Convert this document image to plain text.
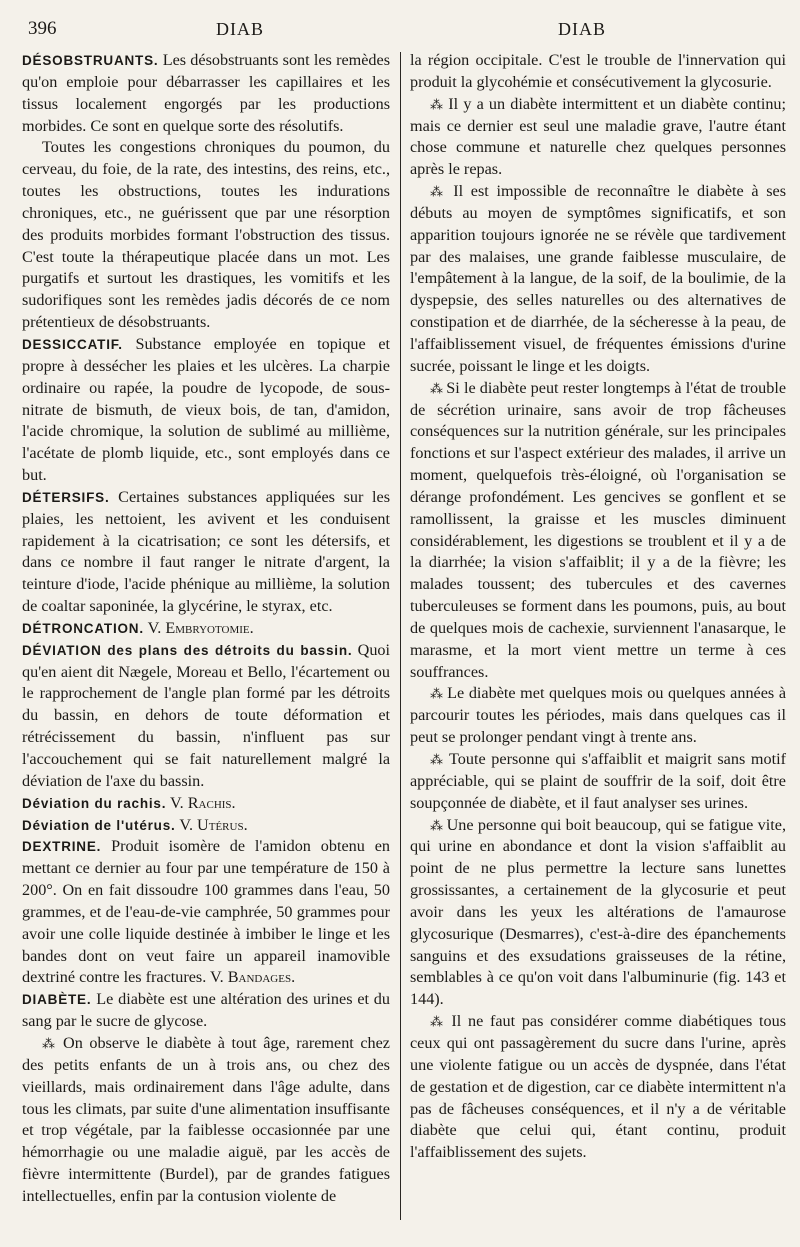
396	DIAB	DIAB

DÉSOBSTRUANTS. Les désobstruants sont les remèdes qu'on emploie pour débarrasser les capillaires et les tissus localement engorgés par les productions morbides. Ce sont en quelque sorte des résolutifs.

Toutes les congestions chroniques du poumon, du cerveau, du foie, de la rate, des intestins, des reins, etc., toutes les obstructions, toutes les indurations chroniques, etc., ne guérissent que par une résorption des produits morbides formant l'obstruction des tissus. C'est toute la thérapeutique placée dans un mot. Les purgatifs et surtout les drastiques, les vomitifs et les sudorifiques sont les remèdes jadis décorés de ce nom prétentieux de désobstruants.

DESSICCATIF. Substance employée en topique et propre à dessécher les plaies et les ulcères. La charpie ordinaire ou rapée, la poudre de lycopode, de sous-nitrate de bismuth, de vieux bois, de tan, d'amidon, l'acide chromique, la solution de sublimé au millième, l'acétate de plomb liquide, etc., sont employés dans ce but.

DÉTERSIFS. Certaines substances appliquées sur les plaies, les nettoient, les avivent et les conduisent rapidement à la cicatrisation; ce sont les détersifs, et dans ce nombre il faut ranger le nitrate d'argent, la teinture d'iode, l'acide phénique au millième, la solution de coaltar saponinée, la glycérine, le styrax, etc.

DÉTRONCATION. V. Embryotomie.

DÉVIATION des plans des détroits du bassin. Quoi qu'en aient dit Nægele, Moreau et Bello, l'écartement ou le rapprochement de l'angle plan formé par les détroits du bassin, en dehors de toute déformation et rétrécissement du bassin, n'influent pas sur l'accouchement qui se fait naturellement malgré la déviation de l'axe du bassin.

Déviation du rachis. V. Rachis.

Déviation de l'utérus. V. Utérus.

DEXTRINE. Produit isomère de l'amidon obtenu en mettant ce dernier au four par une température de 150 à 200°. On en fait dissoudre 100 grammes dans l'eau, 50 grammes, et de l'eau-de-vie camphrée, 50 grammes pour avoir une colle liquide destinée à imbiber le linge et les bandes dont on veut faire un appareil inamovible dextriné contre les fractures. V. Bandages.

DIABÈTE. Le diabète est une altération des urines et du sang par le sucre de glycose.

⁂ On observe le diabète à tout âge, rarement chez des petits enfants de un à trois ans, ou chez des vieillards, mais ordinairement dans l'âge adulte, dans tous les climats, par suite d'une alimentation insuffisante et trop végétale, par la faiblesse occasionnée par une hémorrhagie ou une maladie aiguë, par les accès de fièvre intermittente (Burdel), par de grandes fatigues intellectuelles, enfin par la contusion violente de

la région occipitale. C'est le trouble de l'innervation qui produit la glycohémie et consécutivement la glycosurie.

⁂ Il y a un diabète intermittent et un diabète continu; mais ce dernier est seul une maladie grave, l'autre étant chose commune et naturelle chez quelques personnes après le repas.

⁂ Il est impossible de reconnaître le diabète à ses débuts au moyen de symptômes significatifs, et son apparition toujours ignorée ne se révèle que tardivement par des malaises, une grande faiblesse musculaire, de l'empâtement à la langue, de la soif, de la boulimie, de la dyspepsie, des selles naturelles ou des alternatives de constipation et de diarrhée, de la sécheresse à la peau, de l'affaiblissement visuel, de fréquentes émissions d'urine sucrée, poissant le linge et les doigts.

⁂ Si le diabète peut rester longtemps à l'état de trouble de sécrétion urinaire, sans avoir de trop fâcheuses conséquences sur la nutrition générale, sur les principales fonctions et sur l'aspect extérieur des malades, il arrive un moment, quelquefois très-éloigné, où l'organisation se dérange profondément. Les gencives se gonflent et se ramollissent, la graisse et les muscles diminuent considérablement, les digestions se troublent et il y a de la diarrhée; la vision s'affaiblit; il y a de la fièvre; les malades toussent; des tubercules et des cavernes tuberculeuses se forment dans les poumons, puis, au bout de quelques mois de cachexie, surviennent l'anasarque, le marasme, et la mort vient mettre un terme à ces souffrances.

⁂ Le diabète met quelques mois ou quelques années à parcourir toutes les périodes, mais dans quelques cas il peut se prolonger pendant vingt à trente ans.

⁂ Toute personne qui s'affaiblit et maigrit sans motif appréciable, qui se plaint de souffrir de la soif, doit être soupçonnée de diabète, et il faut analyser ses urines.

⁂ Une personne qui boit beaucoup, qui se fatigue vite, qui urine en abondance et dont la vision s'affaiblit au point de ne plus permettre la lecture sans lunettes grossissantes, a certainement de la glycosurie et peut avoir dans les yeux les altérations de l'amaurose glycosurique (Desmarres), c'est-à-dire des épanchements sanguins et des exsudations graisseuses de la rétine, semblables à ce qu'on voit dans l'albuminurie (fig. 143 et 144).

⁂ Il ne faut pas considérer comme diabétiques tous ceux qui ont passagèrement du sucre dans l'urine, après une violente fatigue ou un accès de dyspnée, dans l'état de gestation et de digestion, car ce diabète intermittent n'a pas de fâcheuses conséquences, et il n'y a de véritable diabète que celui qui, étant continu, produit l'affaiblissement des sujets.
